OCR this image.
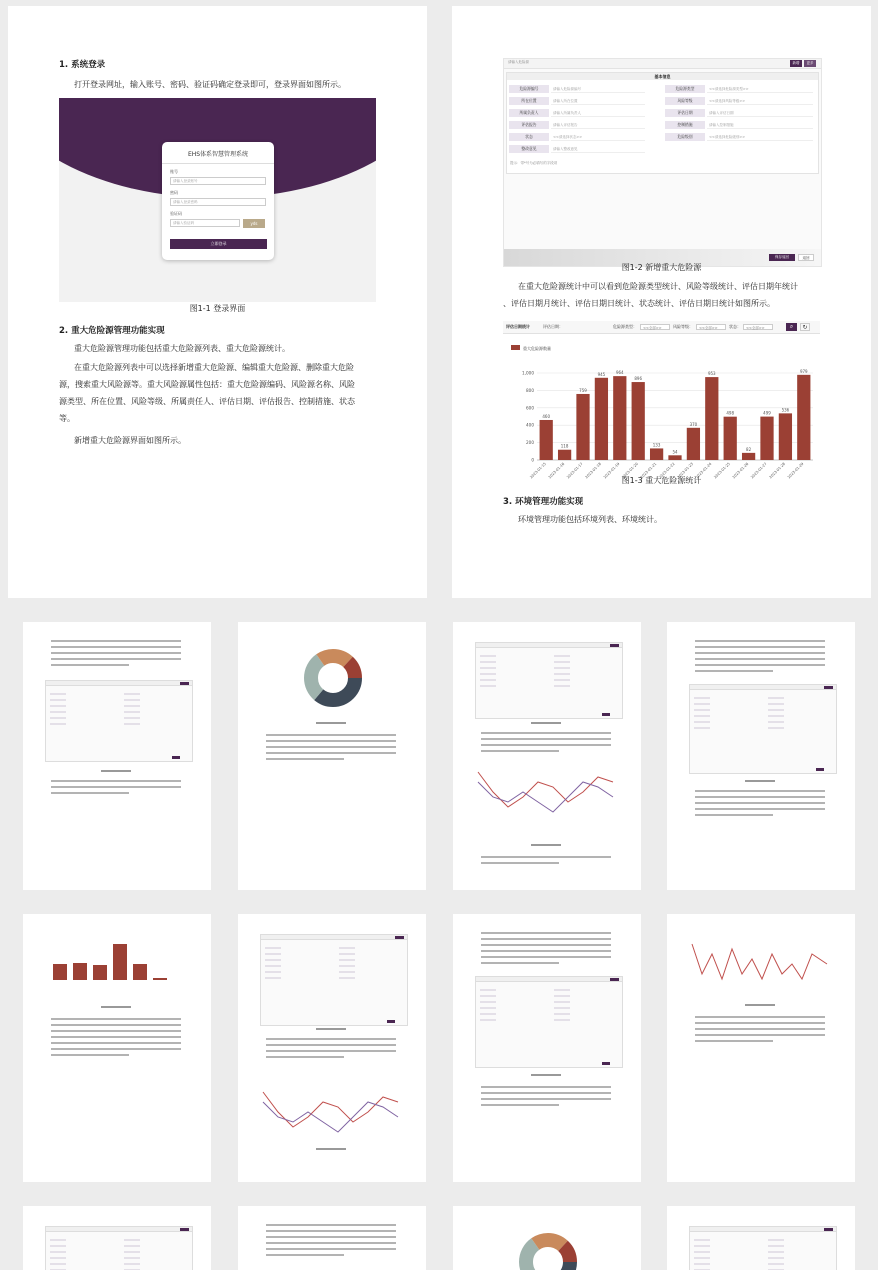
1. 系统登录
打开登录网址，输入账号、密码、验证码确定登录即可，登录界面如图所示。
EHS体系智慧管理系统
账号
请输入登录账号
密码
请输入登录密码
验证码
请输入验证码	yds
立即登录
图1-1 登录界面
2. 重大危险源管理功能实现
重大危险源管理功能包括重大危险源列表、重大危险源统计。
在重大危险源列表中可以选择新增重大危险源、编辑重大危险源、删除重大危险
源，搜索重大风险源等。重大风险源属性包括：重大危险源编码、风险源名称、风险
源类型、所在位置、风险等级、所属责任人、评估日期、评估报告、控制措施、状态
等。
新增重大危险源界面如图所示。
请输入危险源	新增	更多
基本信息
危险源编号	请输入危险源编号
所在位置	请输入所在位置
所属负责人	请输入所属负责人
评估报告	请输入评估报告
状态	<<请选择状态>>
整改意见	请输入整改意见
危险源类型	<<请选择危险源类型>>
风险等级	<<请选择风险等级>>
评估日期	请输入评估日期
控制措施	请输入控制措施
危险级别	<<请选择危险级别>>
提示：带*号为必填写的字段项
保存返回	返回
图1-2 新增重大危险源
在重大危险源统计中可以看到危险源类型统计、风险等级统计、评估日期年统计
、评估日期月统计、评估日期日统计、状态统计、评估日期日统计如图所示。
评估日期统计	评估日期：	危险源类型：	<<全部>>	风险等级：	<<全部>>	状态：	<<全部>>	⌕	↻
重大危险源数量
0
200
400
600
800
1,000
460
2023-01-15
118
2023-01-16
759
2023-01-17
945
2023-01-18
964
2023-01-19
896
2023-01-20
133
2023-01-21
54
2023-01-22
370
2023-01-23
953
2023-01-24
498
2023-01-25
82
2023-01-26
499
2023-01-27
536
2023-01-28
979
2023-01-29
图1-3 重大危险源统计
3. 环境管理功能实现
环境管理功能包括环境列表、环境统计。
